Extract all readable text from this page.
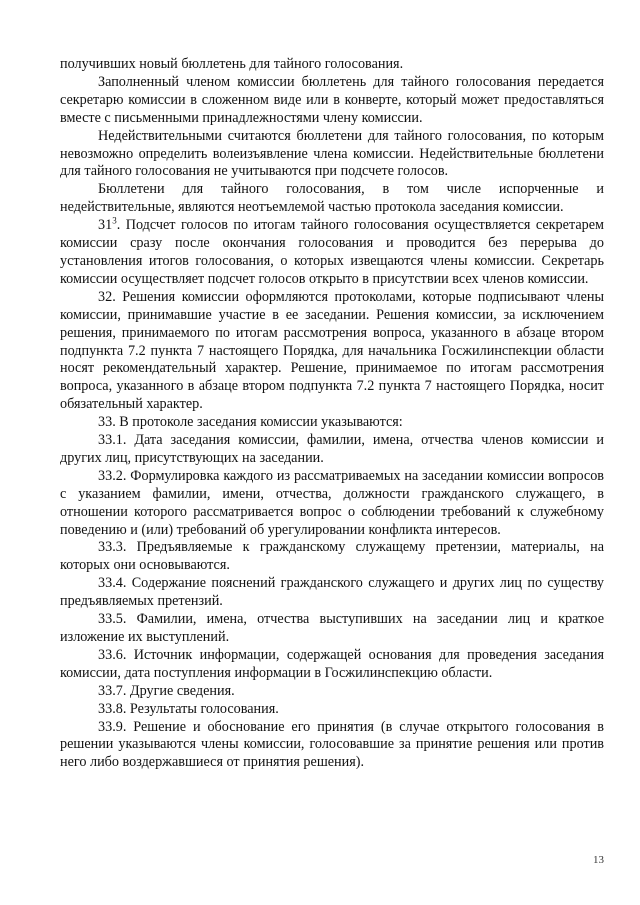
получивших новый бюллетень для тайного голосования.

Заполненный членом комиссии бюллетень для тайного голосования передается секретарю комиссии в сложенном виде или в конверте, который может предоставляться вместе с письменными принадлежностями члену комиссии.

Недействительными считаются бюллетени для тайного голосования, по которым невозможно определить волеизъявление члена комиссии. Недействительные бюллетени для тайного голосования не учитываются при подсчете голосов.

Бюллетени для тайного голосования, в том числе испорченные и недействительные, являются неотъемлемой частью протокола заседания комиссии.

$31^3$. Подсчет голосов по итогам тайного голосования осуществляется секретарем комиссии сразу после окончания голосования и проводится без перерыва до установления итогов голосования, о которых извещаются члены комиссии. Секретарь комиссии осуществляет подсчет голосов открыто в присутствии всех членов комиссии.

32. Решения комиссии оформляются протоколами, которые подписывают члены комиссии, принимавшие участие в ее заседании. Решения комиссии, за исключением решения, принимаемого по итогам рассмотрения вопроса, указанного в абзаце втором подпункта 7.2 пункта 7 настоящего Порядка, для начальника Госжилинспекции области носят рекомендательный характер. Решение, принимаемое по итогам рассмотрения вопроса, указанного в абзаце втором подпункта 7.2 пункта 7 настоящего Порядка, носит обязательный характер.

33. В протоколе заседания комиссии указываются:

33.1. Дата заседания комиссии, фамилии, имена, отчества членов комиссии и других лиц, присутствующих на заседании.

33.2. Формулировка каждого из рассматриваемых на заседании комиссии вопросов с указанием фамилии, имени, отчества, должности гражданского служащего, в отношении которого рассматривается вопрос о соблюдении требований к служебному поведению и (или) требований об урегулировании конфликта интересов.

33.3. Предъявляемые к гражданскому служащему претензии, материалы, на которых они основываются.

33.4. Содержание пояснений гражданского служащего и других лиц по существу предъявляемых претензий.

33.5. Фамилии, имена, отчества выступивших на заседании лиц и краткое изложение их выступлений.

33.6. Источник информации, содержащей основания для проведения заседания комиссии, дата поступления информации в Госжилинспекцию области.

33.7. Другие сведения.

33.8. Результаты голосования.

33.9. Решение и обоснование его принятия (в случае открытого голосования в решении указываются члены комиссии, голосовавшие за принятие решения или против него либо воздержавшиеся от принятия решения).

13
